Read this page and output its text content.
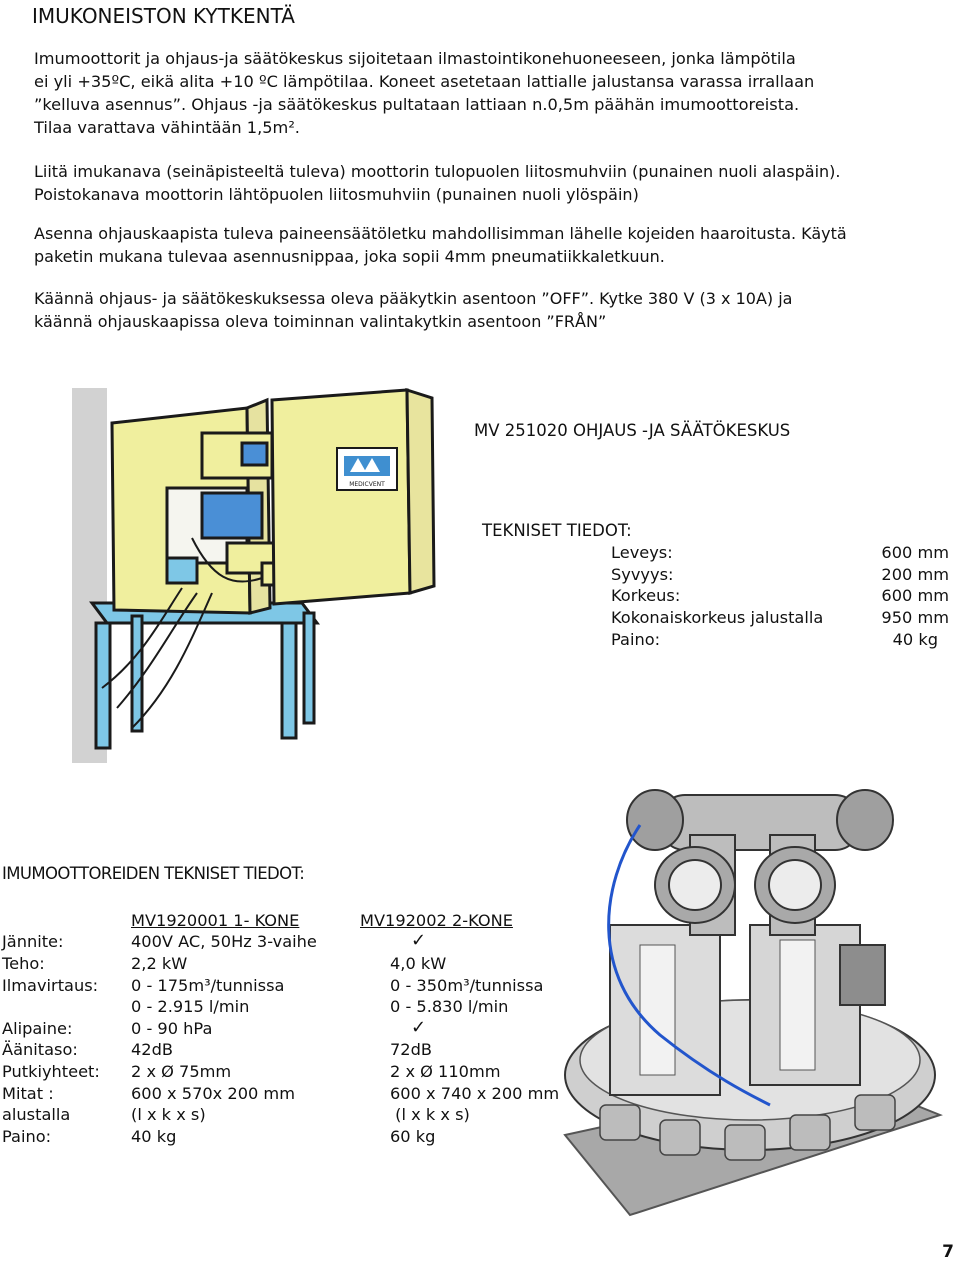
IMUKONEISTON KYTKENTÄ
Imumoottorit ja ohjaus-ja säätökeskus sijoitetaan ilmastointikonehuoneeseen, jonka lämpötila
ei yli +35ºC, eikä alita +10 ºC lämpötilaa. Koneet asetetaan lattialle jalustansa varassa irrallaan
”kelluva asennus”. Ohjaus -ja säätökeskus pultataan lattiaan n.0,5m päähän imumoottoreista.
Tilaa varattava vähintään 1,5m².
Liitä imukanava (seinäpisteeltä tuleva) moottorin tulopuolen liitosmuhviin (punainen nuoli alaspäin).
Poistokanava moottorin lähtöpuolen liitosmuhviin (punainen nuoli ylöspäin)
Asenna ohjauskaapista tuleva paineensäätöletku mahdollisimman lähelle kojeiden haaroitusta. Käytä
paketin mukana tulevaa asennusnippaa, joka sopii 4mm pneumatiikkaletkuun.
Käännä ohjaus- ja säätökeskuksessa oleva pääkytkin asentoon ”OFF”. Kytke 380 V (3 x 10A) ja
käännä ohjauskaapissa oleva toiminnan valintakytkin asentoon ”FRÅN”
MEDICVENT
MV 251020 OHJAUS -JA SÄÄTÖKESKUS
TEKNISET TIEDOT:
Leveys:
Syvyys:
Korkeus:
Kokonaiskorkeus jalustalla
Paino:
600 mm
200 mm
600 mm
950 mm
40 kg
IMUMOOTTOREIDEN TEKNISET TIEDOT:
MV1920001 1- KONE	MV192002 2-KONE
Jännite:
Teho:
Ilmavirtaus:
Alipaine:
Äänitaso:
Putkiyhteet:
Mitat :
alustalla
Paino:
400V AC, 50Hz 3-vaihe
2,2 kW
0 - 175m³/tunnissa
0 - 2.915 l/min
0 - 90 hPa
42dB
2 x Ø 75mm
600 x 570x 200 mm
(l x k x s)
40 kg
✓
4,0 kW
0 - 350m³/tunnissa
0 - 5.830 l/min
✓
72dB
2 x Ø 110mm
600 x 740 x 200 mm
(l x k x s)
60 kg
7
